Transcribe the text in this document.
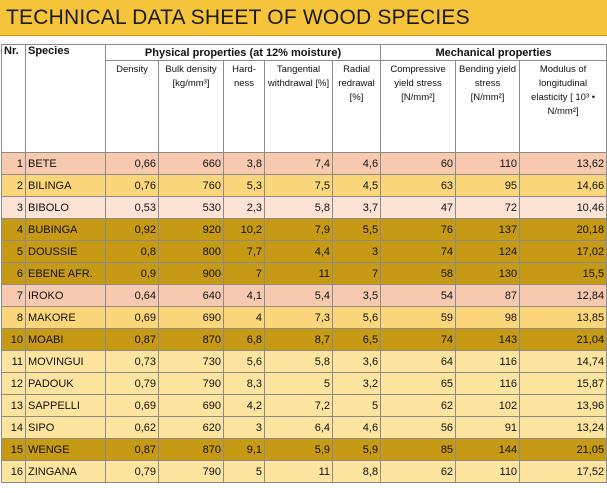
TECHNICAL DATA SHEET OF WOOD SPECIES
Nr.	Species	Physical properties (at 12% moisture)					Mechanical properties		
		Density	Bulk density [kg/mm³]	Hard-ness	Tangential withdrawal [%]	Radial redrawal [%]	Compressive yield stress [N/mm²]	Bending yield stress [N/mm²]	Modulus of longitudinal elasticity [ 10³ • N/mm²]
1	BETE	0,66	660	3,8	7,4	4,6	60	110	13,62
2	BILINGA	0,76	760	5,3	7,5	4,5	63	95	14,66
3	BIBOLO	0,53	530	2,3	5,8	3,7	47	72	10,46
4	BUBINGA	0,92	920	10,2	7,9	5,5	76	137	20,18
5	DOUSSIE	0,8	800	7,7	4,4	3	74	124	17,02
6	EBENE AFR.	0,9	900	7	11	7	58	130	15,5
7	IROKO	0,64	640	4,1	5,4	3,5	54	87	12,84
8	MAKORE	0,69	690	4	7,3	5,6	59	98	13,85
10	MOABI	0,87	870	6,8	8,7	6,5	74	143	21,04
11	MOVINGUI	0,73	730	5,6	5,8	3,6	64	116	14,74
12	PADOUK	0,79	790	8,3	5	3,2	65	116	15,87
13	SAPPELLI	0,69	690	4,2	7,2	5	62	102	13,96
14	SIPO	0,62	620	3	6,4	4,6	56	91	13,24
15	WENGE	0,87	870	9,1	5,9	5,9	85	144	21,05
16	ZINGANA	0,79	790	5	11	8,8	62	110	17,52
